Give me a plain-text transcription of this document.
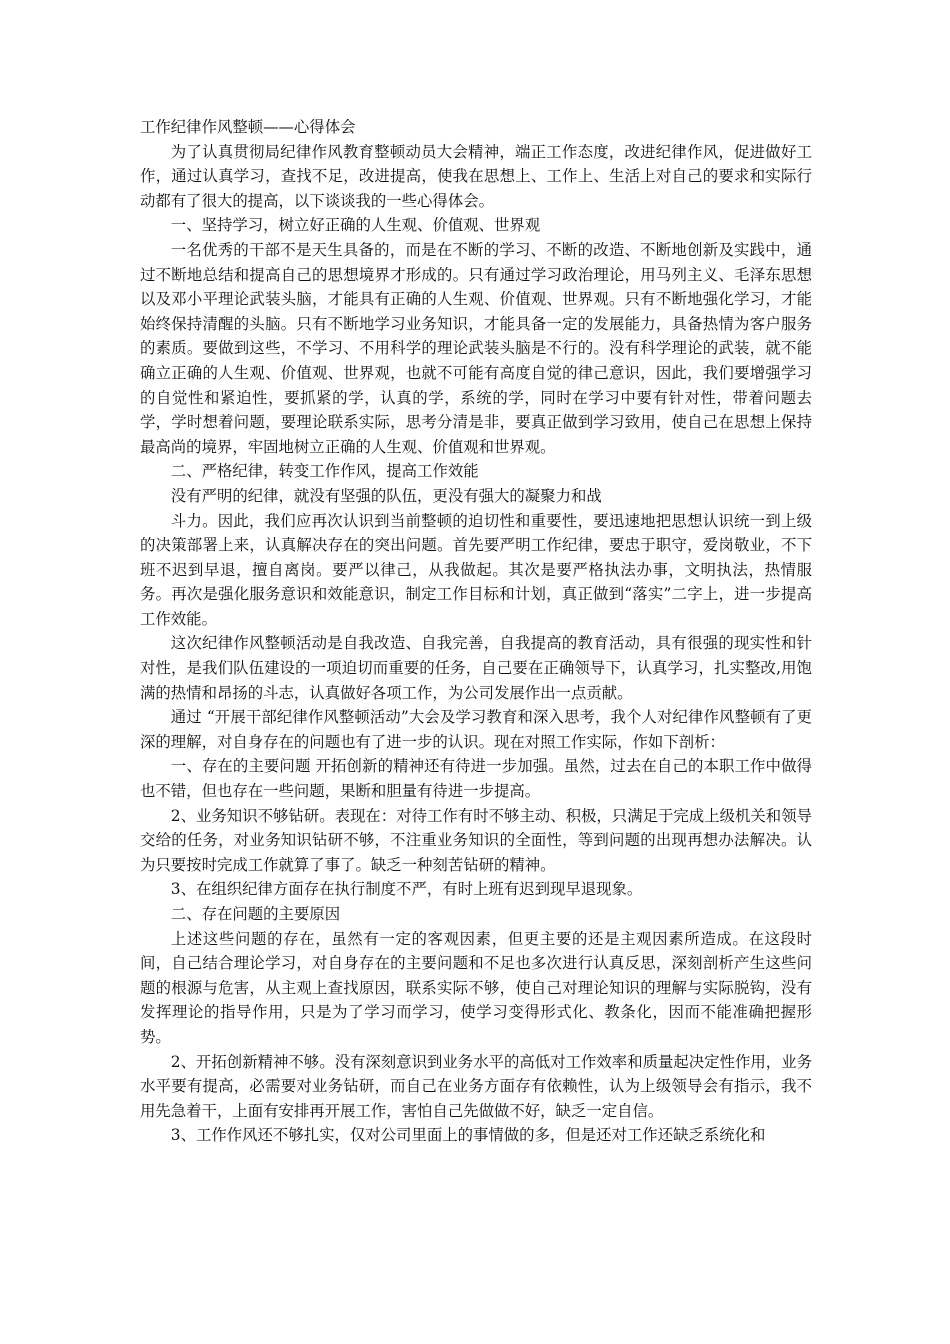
工作纪律作风整顿——心得体会

为了认真贯彻局纪律作风教育整顿动员大会精神，端正工作态度，改进纪律作风，促进做好工作，通过认真学习，查找不足，改进提高，使我在思想上、工作上、生活上对自己的要求和实际行动都有了很大的提高，以下谈谈我的一些心得体会。

一、坚持学习，树立好正确的人生观、价值观、世界观

一名优秀的干部不是天生具备的，而是在不断的学习、不断的改造、不断地创新及实践中，通过不断地总结和提高自己的思想境界才形成的。只有通过学习政治理论，用马列主义、毛泽东思想以及邓小平理论武装头脑，才能具有正确的人生观、价值观、世界观。只有不断地强化学习，才能始终保持清醒的头脑。只有不断地学习业务知识，才能具备一定的发展能力，具备热情为客户服务的素质。要做到这些，不学习、不用科学的理论武装头脑是不行的。没有科学理论的武装，就不能确立正确的人生观、价值观、世界观，也就不可能有高度自觉的律己意识，因此，我们要增强学习的自觉性和紧迫性，要抓紧的学，认真的学，系统的学，同时在学习中要有针对性，带着问题去学，学时想着问题，要理论联系实际，思考分清是非，要真正做到学习致用，使自己在思想上保持最高尚的境界，牢固地树立正确的人生观、价值观和世界观。

二、严格纪律，转变工作作风，提高工作效能

没有严明的纪律，就没有坚强的队伍，更没有强大的凝聚力和战

斗力。因此，我们应再次认识到当前整顿的迫切性和重要性，要迅速地把思想认识统一到上级的决策部署上来，认真解决存在的突出问题。首先要严明工作纪律，要忠于职守，爱岗敬业，不下班不迟到早退，擅自离岗。要严以律己，从我做起。其次是要严格执法办事，文明执法，热情服务。再次是强化服务意识和效能意识，制定工作目标和计划，真正做到“落实”二字上，进一步提高工作效能。

这次纪律作风整顿活动是自我改造、自我完善，自我提高的教育活动，具有很强的现实性和针对性，是我们队伍建设的一项迫切而重要的任务，自己要在正确领导下，认真学习，扎实整改,用饱满的热情和昂扬的斗志，认真做好各项工作，为公司发展作出一点贡献。

通过 “开展干部纪律作风整顿活动”大会及学习教育和深入思考，我个人对纪律作风整顿有了更深的理解，对自身存在的问题也有了进一步的认识。现在对照工作实际，作如下剖析：

一、存在的主要问题 开拓创新的精神还有待进一步加强。虽然，过去在自己的本职工作中做得也不错，但也存在一些问题，果断和胆量有待进一步提高。

2、业务知识不够钻研。表现在：对待工作有时不够主动、积极，只满足于完成上级机关和领导交给的任务，对业务知识钻研不够，不注重业务知识的全面性，等到问题的出现再想办法解决。认为只要按时完成工作就算了事了。缺乏一种刻苦钻研的精神。

3、在组织纪律方面存在执行制度不严，有时上班有迟到现早退现象。

二、存在问题的主要原因

上述这些问题的存在，虽然有一定的客观因素，但更主要的还是主观因素所造成。在这段时间，自己结合理论学习，对自身存在的主要问题和不足也多次进行认真反思，深刻剖析产生这些问题的根源与危害，从主观上查找原因，联系实际不够，使自己对理论知识的理解与实际脱钩，没有发挥理论的指导作用，只是为了学习而学习，使学习变得形式化、教条化，因而不能准确把握形势。

2、开拓创新精神不够。没有深刻意识到业务水平的高低对工作效率和质量起决定性作用，业务水平要有提高，必需要对业务钻研，而自己在业务方面存有依赖性，认为上级领导会有指示，我不用先急着干，上面有安排再开展工作，害怕自己先做做不好，缺乏一定自信。

3、工作作风还不够扎实，仅对公司里面上的事情做的多，但是还对工作还缺乏系统化和
